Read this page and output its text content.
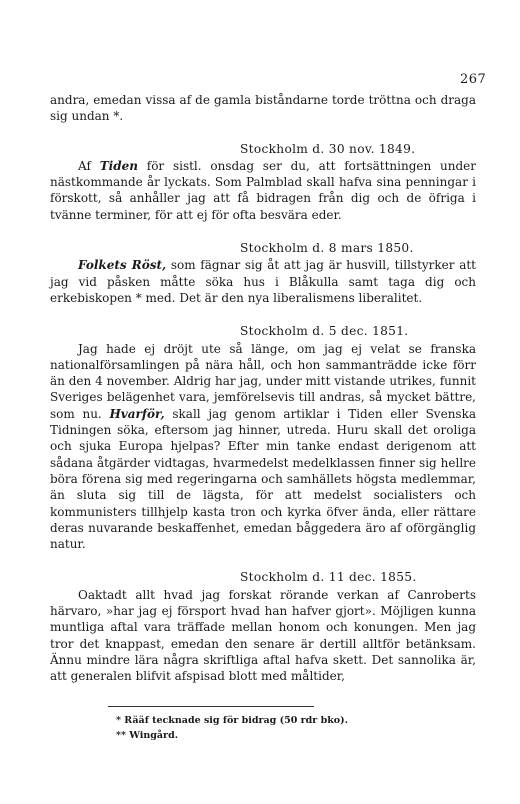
267

andra, emedan vissa af de gamla biståndarne torde tröttna och draga sig undan *.

Stockholm d. 30 nov. 1849.

Af Tiden för sistl. onsdag ser du, att fortsättningen under nästkommande år lyckats. Som Palmblad skall hafva sina penningar i förskott, så anhåller jag att få bidragen från dig och de öfriga i tvänne terminer, för att ej för ofta besvära eder.

Stockholm d. 8 mars 1850.

Folkets Röst, som fägnar sig åt att jag är husvill, tillstyrker att jag vid påsken måtte söka hus i Blåkulla samt taga dig och erkebiskopen * med. Det är den nya liberalismens liberalitet.

Stockholm d. 5 dec. 1851.

Jag hade ej dröjt ute så länge, om jag ej velat se franska nationalförsamlingen på nära håll, och hon sammanträdde icke förr än den 4 november. Aldrig har jag, under mitt vistande utrikes, funnit Sveriges belägenhet vara, jemförelsevis till andras, så mycket bättre, som nu. Hvarför, skall jag genom artiklar i Tiden eller Svenska Tidningen söka, eftersom jag hinner, utreda. Huru skall det oroliga och sjuka Europa hjelpas? Efter min tanke endast derigenom att sådana åtgärder vidtagas, hvarmedelst medelklassen finner sig hellre böra förena sig med regeringarna och samhällets högsta medlemmar, än sluta sig till de lägsta, för att medelst socialisters och kommunisters tillhjelp kasta tron och kyrka öfver ända, eller rättare deras nuvarande beskaffenhet, emedan båggedera äro af oförgänglig natur.

Stockholm d. 11 dec. 1855.

Oaktadt allt hvad jag forskat rörande verkan af Canroberts härvaro, »har jag ej försport hvad han hafver gjort». Möjligen kunna muntliga aftal vara träffade mellan honom och konungen. Men jag tror det knappast, emedan den senare är dertill alltför betänksam. Ännu mindre lära några skriftliga aftal hafva skett. Det sannolika är, att generalen blifvit afspisad blott med måltider,

* Rääf tecknade sig för bidrag (50 rdr bko).
** Wingård.
